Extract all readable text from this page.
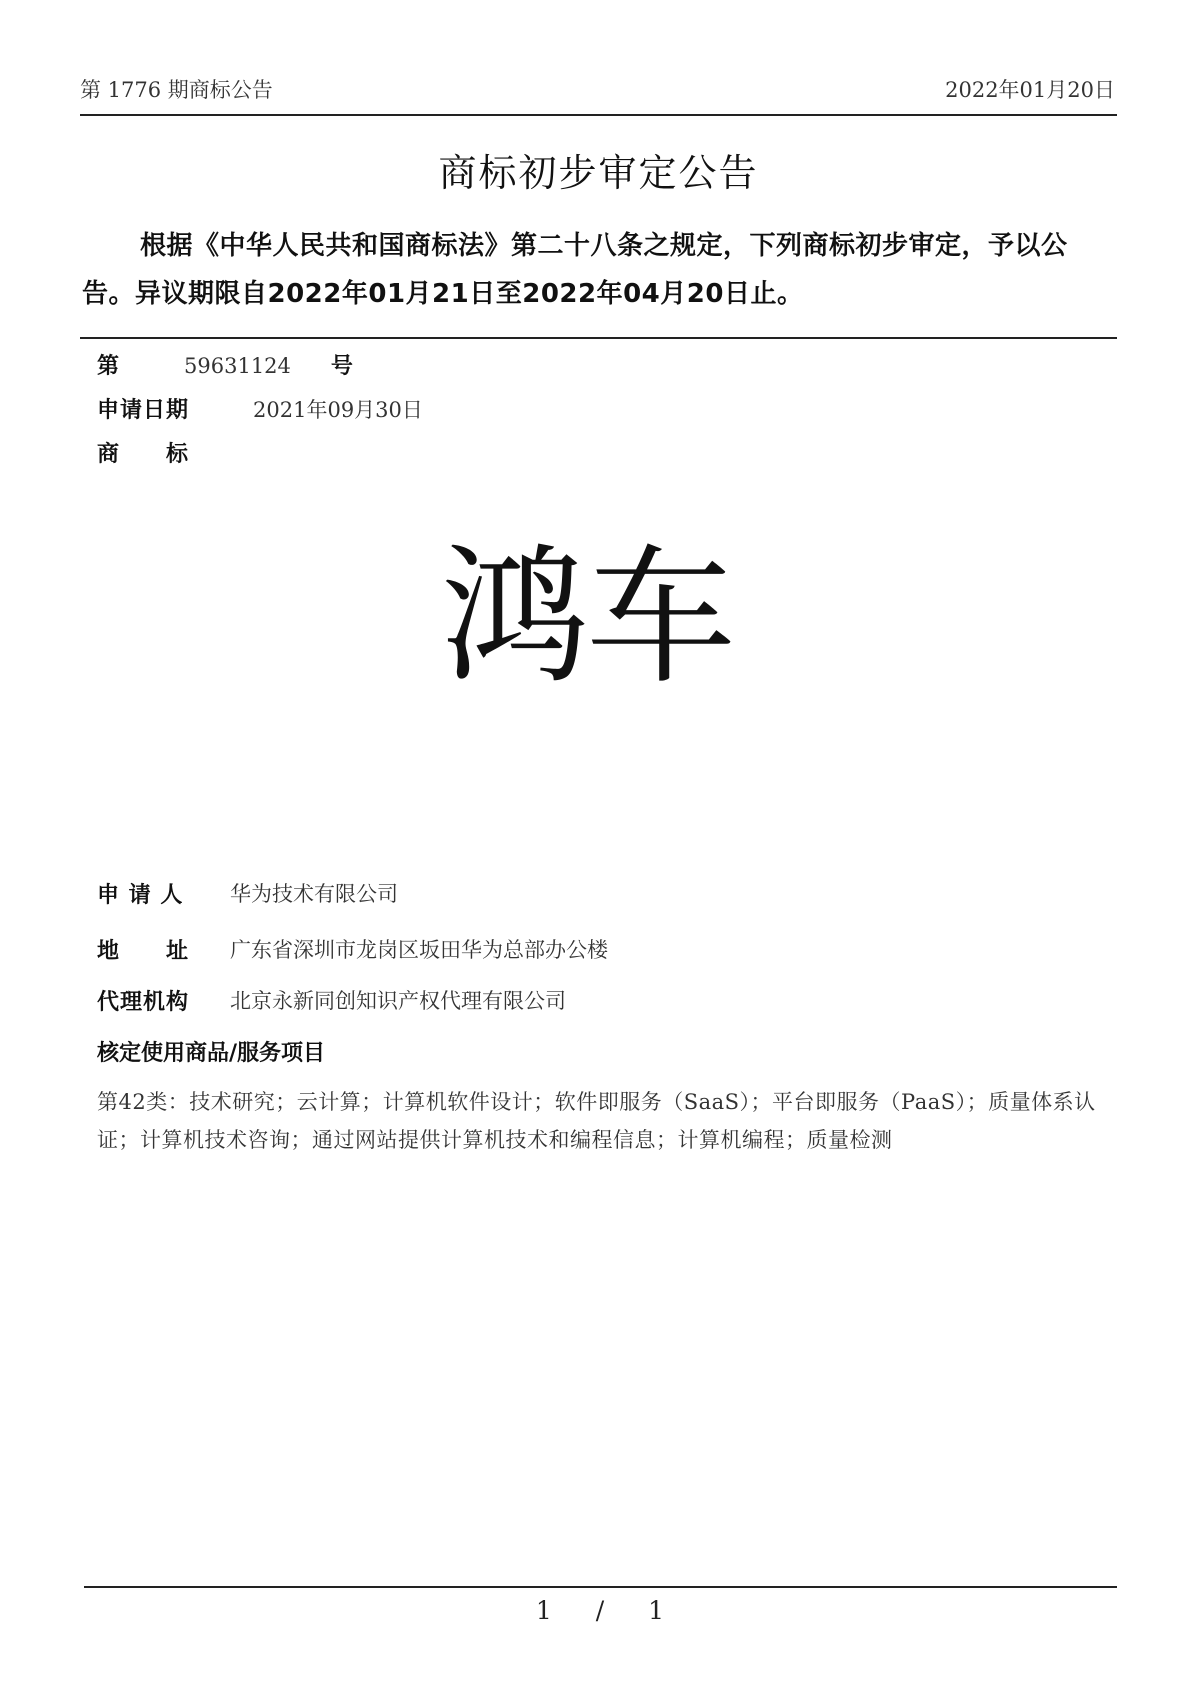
第 1776 期商标公告	2022年01月20日
商标初步审定公告
根据《中华人民共和国商标法》第二十八条之规定，下列商标初步审定，予以公告。异议期限自2022年01月21日至2022年04月20日止。
第	59631124 号
申请日期	2021年09月30日
商　　标
鸿车
申 请 人 华为技术有限公司
地　　址 广东省深圳市龙岗区坂田华为总部办公楼
代理机构 北京永新同创知识产权代理有限公司
核定使用商品/服务项目
第42类：技术研究；云计算；计算机软件设计；软件即服务（SaaS）；平台即服务（PaaS）；质量体系认证；计算机技术咨询；通过网站提供计算机技术和编程信息；计算机编程；质量检测
1 / 1
